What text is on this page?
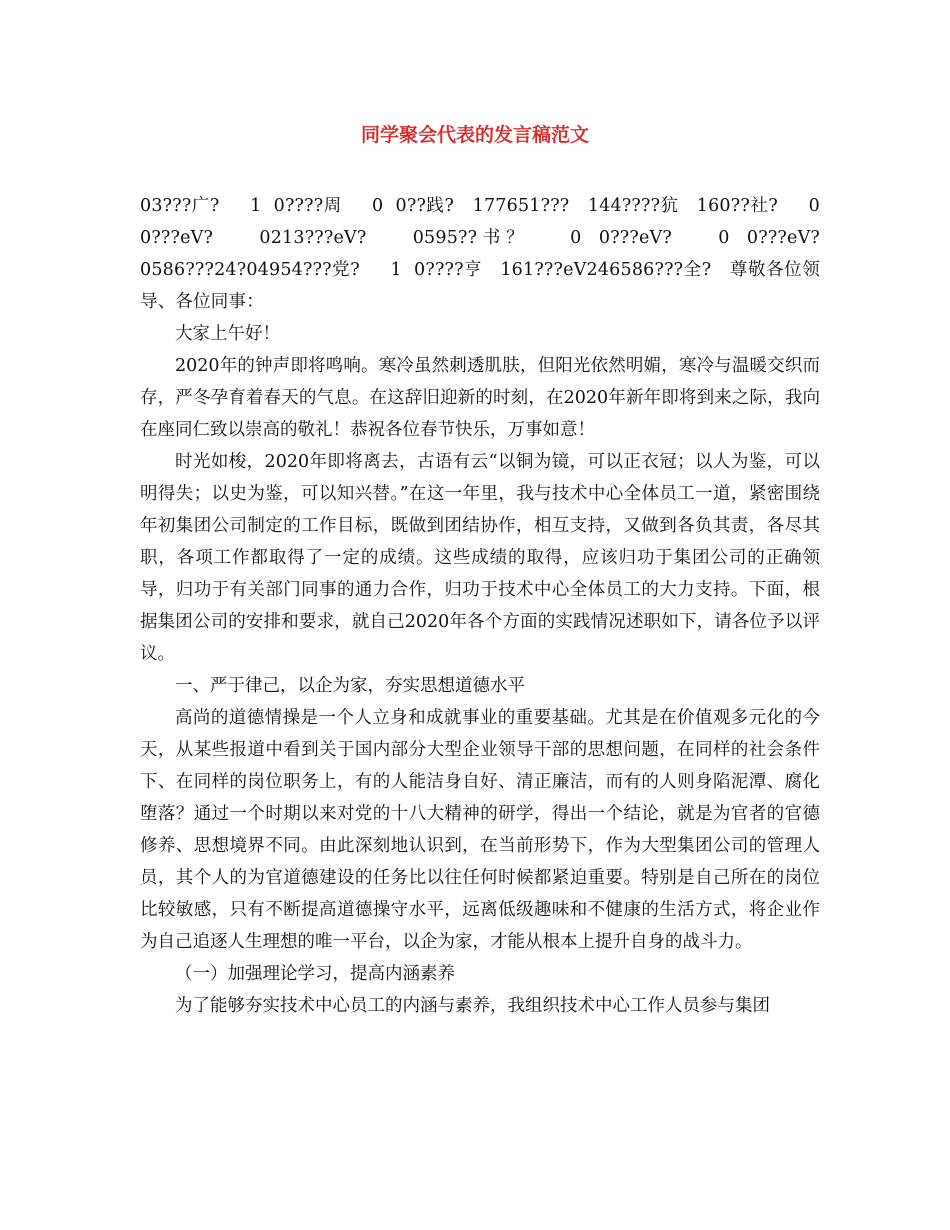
同学聚会代表的发言稿范文

03???广?　 1 0????周　 0 0??践?　177651???　144????犺　160??社?　 0 0???eV?　 0213???eV?　 0595??书？　 0 0???eV?　 0 0???eV?　 0586???24?04954???党?　 1 0????亨　161???eV246586???全?　尊敬各位领导、各位同事：

大家上午好！

2020年的钟声即将鸣响。寒冷虽然刺透肌肤，但阳光依然明媚，寒冷与温暖交织而存，严冬孕育着春天的气息。在这辞旧迎新的时刻，在2020年新年即将到来之际，我向在座同仁致以崇高的敬礼！恭祝各位春节快乐，万事如意！

时光如梭，2020年即将离去，古语有云“以铜为镜，可以正衣冠；以人为鉴，可以明得失；以史为鉴，可以知兴替。”在这一年里，我与技术中心全体员工一道，紧密围绕年初集团公司制定的工作目标，既做到团结协作，相互支持，又做到各负其责，各尽其职，各项工作都取得了一定的成绩。这些成绩的取得，应该归功于集团公司的正确领导，归功于有关部门同事的通力合作，归功于技术中心全体员工的大力支持。下面，根据集团公司的安排和要求，就自己2020年各个方面的实践情况述职如下，请各位予以评议。

一、严于律己，以企为家，夯实思想道德水平

高尚的道德情操是一个人立身和成就事业的重要基础。尤其是在价值观多元化的今天，从某些报道中看到关于国内部分大型企业领导干部的思想问题，在同样的社会条件下、在同样的岗位职务上，有的人能洁身自好、清正廉洁，而有的人则身陷泥潭、腐化堕落？通过一个时期以来对党的十八大精神的研学，得出一个结论，就是为官者的官德修养、思想境界不同。由此深刻地认识到，在当前形势下，作为大型集团公司的管理人员，其个人的为官道德建设的任务比以往任何时候都紧迫重要。特别是自己所在的岗位比较敏感，只有不断提高道德操守水平，远离低级趣味和不健康的生活方式，将企业作为自己追逐人生理想的唯一平台，以企为家，才能从根本上提升自身的战斗力。

（一）加强理论学习，提高内涵素养

为了能够夯实技术中心员工的内涵与素养，我组织技术中心工作人员参与集团
